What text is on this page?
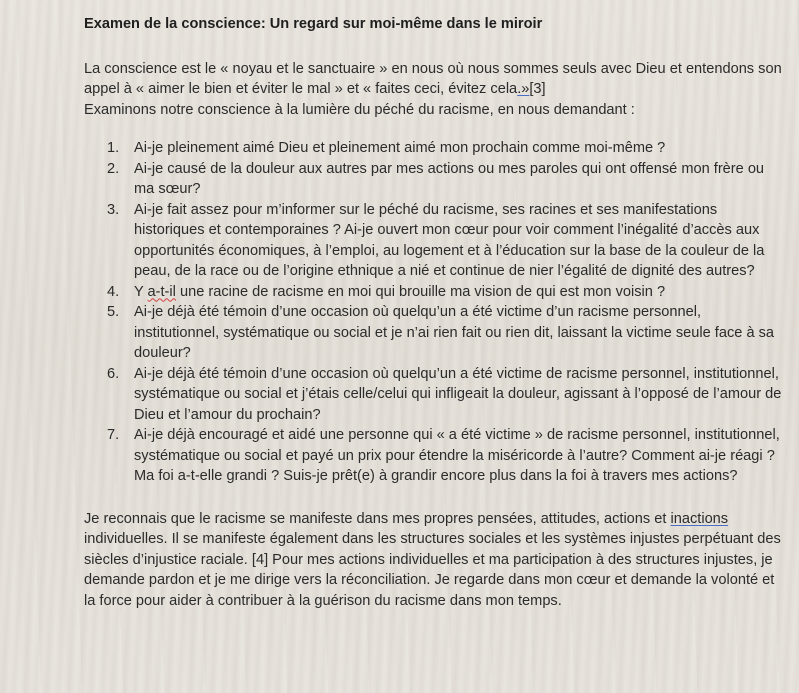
Examen de la conscience: Un regard sur moi-même dans le miroir

La conscience est le « noyau et le sanctuaire » en nous où nous sommes seuls avec Dieu et entendons son appel à « aimer le bien et éviter le mal » et « faites ceci, évitez cela.»[3]
Examinons notre conscience à la lumière du péché du racisme, en nous demandant :

1. Ai-je pleinement aimé Dieu et pleinement aimé mon prochain comme moi-même ?
2. Ai-je causé de la douleur aux autres par mes actions ou mes paroles qui ont offensé mon frère ou ma sœur?
3. Ai-je fait assez pour m’informer sur le péché du racisme, ses racines et ses manifestations historiques et contemporaines ? Ai-je ouvert mon cœur pour voir comment l’inégalité d’accès aux opportunités économiques, à l’emploi, au logement et à l’éducation sur la base de la couleur de la peau, de la race ou de l’origine ethnique a nié et continue de nier l’égalité de dignité des autres?
4. Y a-t-il une racine de racisme en moi qui brouille ma vision de qui est mon voisin ?
5. Ai-je déjà été témoin d’une occasion où quelqu’un a été victime d’un racisme personnel, institutionnel, systématique ou social et je n’ai rien fait ou rien dit, laissant la victime seule face à sa douleur?
6. Ai-je déjà été témoin d’une occasion où quelqu’un a été victime de racisme personnel, institutionnel, systématique ou social et j’étais celle/celui qui infligeait la douleur, agissant à l’opposé de l’amour de Dieu et l’amour du prochain?
7. Ai-je déjà encouragé et aidé une personne qui « a été victime » de racisme personnel, institutionnel, systématique ou social et payé un prix pour étendre la miséricorde à l’autre? Comment ai-je réagi ? Ma foi a-t-elle grandi ? Suis-je prêt(e) à grandir encore plus dans la foi à travers mes actions?

Je reconnais que le racisme se manifeste dans mes propres pensées, attitudes, actions et inactions individuelles. Il se manifeste également dans les structures sociales et les systèmes injustes perpétuant des siècles d’injustice raciale. [4] Pour mes actions individuelles et ma participation à des structures injustes, je demande pardon et je me dirige vers la réconciliation. Je regarde dans mon cœur et demande la volonté et la force pour aider à contribuer à la guérison du racisme dans mon temps.
